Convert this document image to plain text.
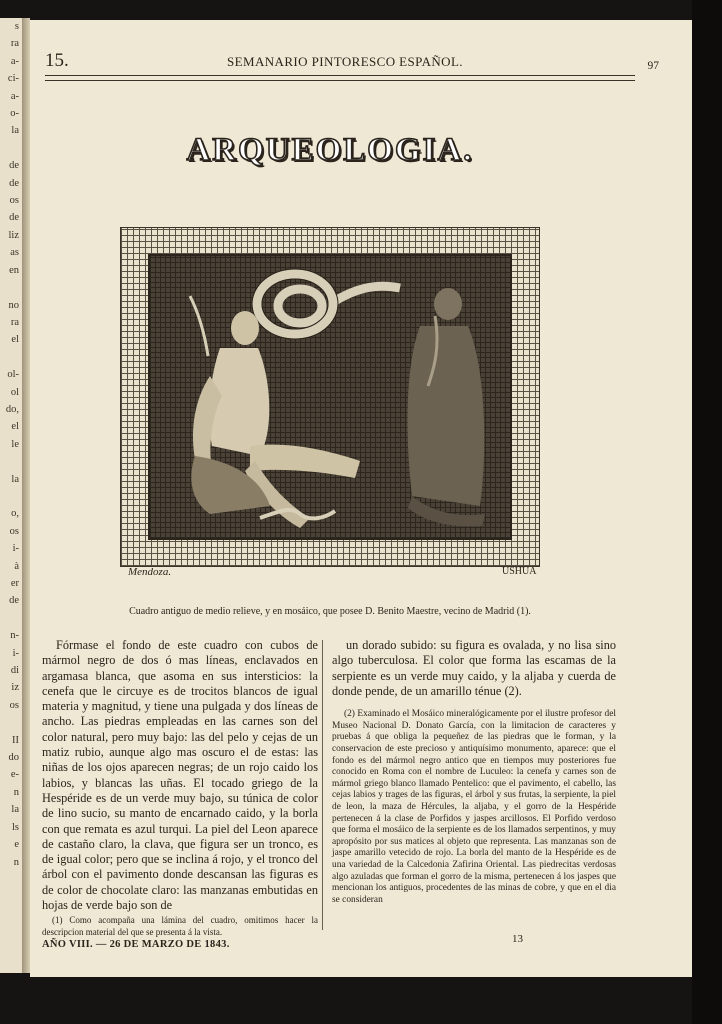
s
ra
a-
ci-
a-
o-
la

de
de
os
de
liz
as
en

no
ra
el

ol-
ol
do,
el
le

la

o,
os
i-
à
er
de

n-
i-
di
iz
os

II
do
e-
n
la
ls
e
n
15.	SEMANARIO PINTORESCO ESPAÑOL.	97
ARQUEOLOGIA.
Mendoza.	USHUA
Cuadro antiguo de medio relieve, y en mosáico, que posee D. Benito Maestre, vecino de Madrid (1).

Fórmase el fondo de este cuadro con cubos de mármol negro de dos ó mas líneas, enclavados en argamasa blanca, que asoma en sus intersticios: la cenefa que le circuye es de trocitos blancos de igual materia y magnitud, y tiene una pulgada y dos líneas de ancho. Las piedras empleadas en las carnes son del color natural, pero muy bajo: las del pelo y cejas de un matiz rubio, aunque algo mas oscuro el de estas: las niñas de los ojos aparecen negras; de un rojo caido los labios, y blancas las uñas. El tocado griego de la Hespéride es de un verde muy bajo, su túnica de color de lino sucio, su manto de encarnado caido, y la borla con que remata es azul turqui. La piel del Leon aparece de castaño claro, la clava, que figura ser un tronco, es de igual color; pero que se inclina á rojo, y el tronco del árbol con el pavimento donde descansan las figuras es de color de chocolate claro: las manzanas embutidas en hojas de verde bajo son de

un dorado subido: su figura es ovalada, y no lisa sino algo tuberculosa. El color que forma las escamas de la serpiente es un verde muy caido, y la aljaba y cuerda de donde pende, de un amarillo ténue (2).

(2) Examinado el Mosáico mineralógicamente por el ilustre profesor del Museo Nacional D. Donato García, con la limitacion de caracteres y pruebas á que obliga la pequeñez de las piedras que le forman, y la conservacion de este precioso y antiquísimo monumento, aparece: que el fondo es del mármol negro antico que en tiempos muy posteriores fue conocido en Roma con el nombre de Luculeo: la cenefa y carnes son de mármol griego blanco llamado Pentelico: que el pavimento, el cabello, las cejas labios y trages de las figuras, el árbol y sus frutas, la serpiente, la piel de leon, la maza de Hércules, la aljaba, y el gorro de la Hespéride pertenecen á la clase de Porfidos y jaspes arcillosos. El Porfido verdoso que forma el mosáico de la serpiente es de los llamados serpentinos, y muy apropósito por sus matices al objeto que representa. Las manzanas son de jaspe amarillo vetecido de rojo. La borla del manto de la Hespéride es de una variedad de la Calcedonia Zafirina Oriental. Las piedrecitas verdosas algo azuladas que forman el gorro de la misma, pertenecen á los jaspes que mencionan los antiguos, procedentes de las minas de cobre, y que en el dia se consideran

(1) Como acompaña una lámina del cuadro, omitimos hacer la descripcion material del que se presenta á la vista.
AÑO VIII. — 26 DE MARZO DE 1843.	13
